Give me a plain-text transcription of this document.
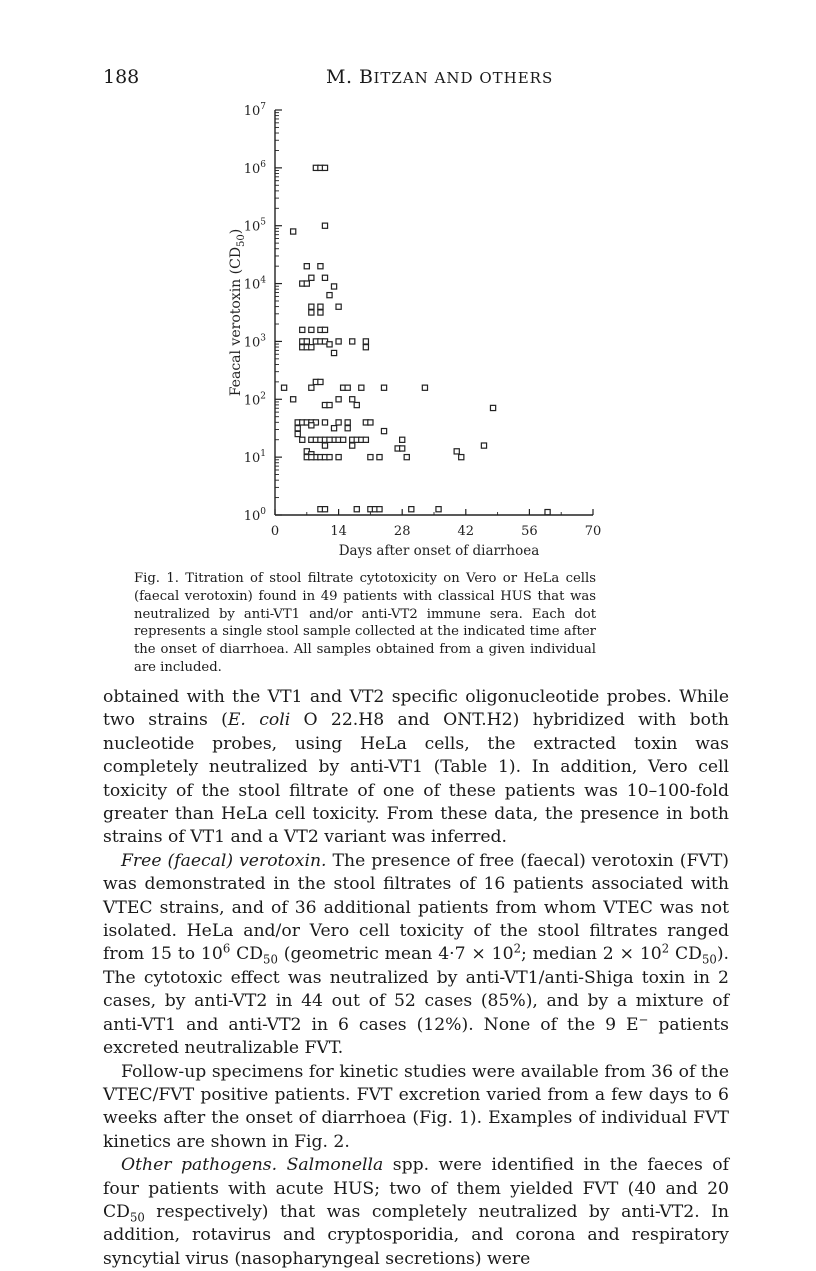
188	M. BITZAN AND OTHERS
$10^0$
$10^1$
$10^2$
$10^3$
$10^4$
$10^5$
$10^6$
$10^7$
0	14	28	42	56	70
Days after onset of diarrhoea
Feacal verotoxin $(CD_{50})$
Fig. 1. Titration of stool filtrate cytotoxicity on Vero or HeLa cells (faecal verotoxin) found in 49 patients with classical HUS that was neutralized by anti-VT1 and/or anti-VT2 immune sera. Each dot represents a single stool sample collected at the indicated time after the onset of diarrhoea. All samples obtained from a given individual are included.

obtained with the VT1 and VT2 specific oligonucleotide probes. While two strains (E. coli O 22.H8 and ONT.H2) hybridized with both nucleotide probes, using HeLa cells, the extracted toxin was completely neutralized by anti-VT1 (Table 1). In addition, Vero cell toxicity of the stool filtrate of one of these patients was 10–100-fold greater than HeLa cell toxicity. From these data, the presence in both strains of VT1 and a VT2 variant was inferred.

Free (faecal) verotoxin. The presence of free (faecal) verotoxin (FVT) was demonstrated in the stool filtrates of 16 patients associated with VTEC strains, and of 36 additional patients from whom VTEC was not isolated. HeLa and/or Vero cell toxicity of the stool filtrates ranged from 15 to $10^6$ $CD_{50}$ (geometric mean $4\cdot 7 \times 10^2$; median $2 \times 10^2$ $CD_{50}$). The cytotoxic effect was neutralized by anti-VT1/anti-Shiga toxin in 2 cases, by anti-VT2 in 44 out of 52 cases (85%), and by a mixture of anti-VT1 and anti-VT2 in 6 cases (12%). None of the 9 E− patients excreted neutralizable FVT.

Follow-up specimens for kinetic studies were available from 36 of the VTEC/FVT positive patients. FVT excretion varied from a few days to 6 weeks after the onset of diarrhoea (Fig. 1). Examples of individual FVT kinetics are shown in Fig. 2.

Other pathogens. Salmonella spp. were identified in the faeces of four patients with acute HUS; two of them yielded FVT (40 and 20 $CD_{50}$ respectively) that was completely neutralized by anti-VT2. In addition, rotavirus and cryptosporidia, and corona and respiratory syncytial virus (nasopharyngeal secretions) were
